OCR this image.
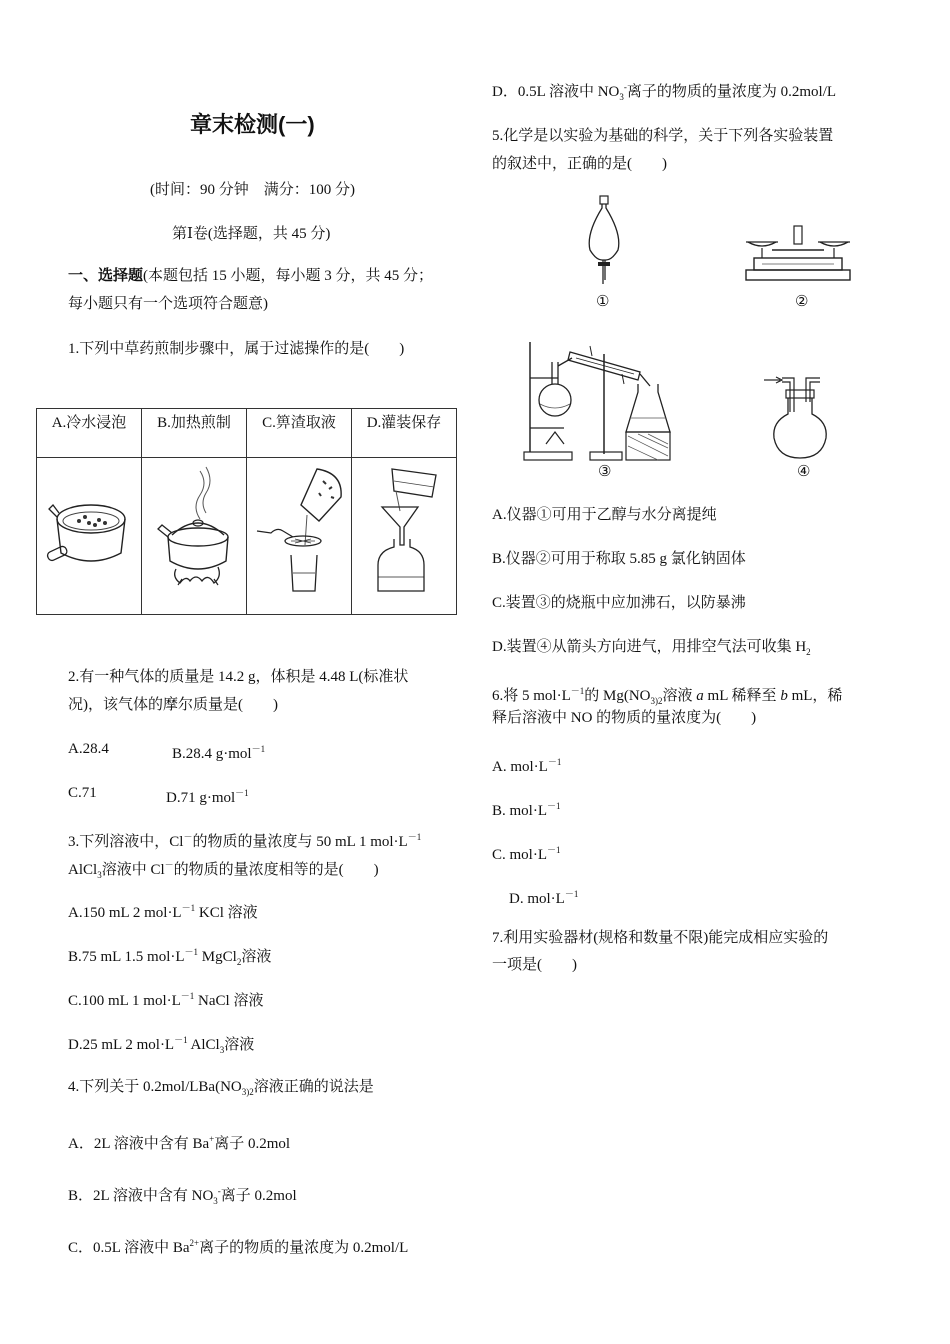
章末检测(一)
(时间：90 分钟　满分：100 分)
第Ⅰ卷(选择题，共 45 分)
一、选择题(本题包括 15 小题，每小题 3 分，共 45 分；
每小题只有一个选项符合题意)
1.下列中草药煎制步骤中，属于过滤操作的是(　　)
A.冷水浸泡	B.加热煎制	C.箅渣取液	D.灌装保存

2.有一种气体的质量是 14.2 g，体积是 4.48 L(标准状
况)，该气体的摩尔质量是(　　)
A.28.4	B.28.4 g·mol$^{-1}$
C.71	D.71 g·mol$^{-1}$
3.下列溶液中，Cl－的物质的量浓度与 50 mL 1 $mol\cdot L^{-1}$
AlCl$_3$溶液中 Cl－的物质的量浓度相等的是(　　)
A.150 mL 2 $mol\cdot L^{-1}$ KCl 溶液
B.75 mL 1.5 $mol\cdot L^{-1}$ MgCl$_2$溶液
C.100 mL 1 $mol\cdot L^{-1}$ NaCl 溶液
D.25 mL 2 $mol\cdot L^{-1}$ AlCl$_3$溶液
4.下列关于 $0.2mol/LBa(NO_{3)2}$溶液正确的说法是
A．2L 溶液中含有 Ba+离子 0.2mol
B．2L 溶液中含有 $NO_3^-$离子 0.2mol
C．0.5L 溶液中 $Ba^{2+}$离子的物质的量浓度为 0.2mol/L
D．0.5L 溶液中 $NO_3^-$离子的物质的量浓度为 0.2mol/L
5.化学是以实验为基础的科学，关于下列各实验装置
的叙述中，正确的是(　　)
①	②
③	④
A.仪器①可用于乙醇与水分离提纯
B.仪器②可用于称取 5.85 g 氯化钠固体
C.装置③的烧瓶中应加沸石，以防暴沸
D.装置④从箭头方向进气，用排空气法可收集 $H_2$
6.将 5 $mol\cdot L^{-1}$的 $Mg(NO_{3)2}$溶液 a mL 稀释至 b mL，稀
释后溶液中 NO 的物质的量浓度为(　　)
A. $mol\cdot L^{-1}$
B. $mol\cdot L^{-1}$
C. $mol\cdot L^{-1}$
D. $mol\cdot L^{-1}$
7.利用实验器材(规格和数量不限)能完成相应实验的
一项是(　　)
